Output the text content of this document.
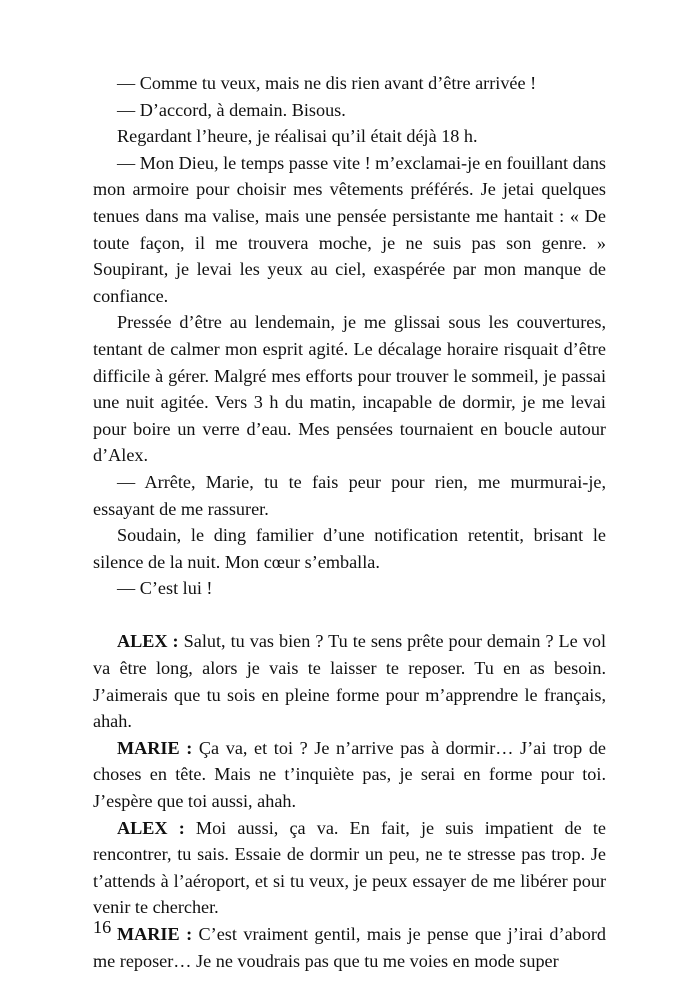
— Comme tu veux, mais ne dis rien avant d’être arrivée !

— D’accord, à demain. Bisous.

Regardant l’heure, je réalisai qu’il était déjà 18 h.

— Mon Dieu, le temps passe vite ! m’exclamai-je en fouillant dans mon armoire pour choisir mes vêtements préférés. Je jetai quelques tenues dans ma valise, mais une pensée persistante me hantait : « De toute façon, il me trouvera moche, je ne suis pas son genre. » Soupirant, je levai les yeux au ciel, exaspérée par mon manque de confiance.

Pressée d’être au lendemain, je me glissai sous les couvertures, tentant de calmer mon esprit agité. Le décalage horaire risquait d’être difficile à gérer. Malgré mes efforts pour trouver le sommeil, je passai une nuit agitée. Vers 3 h du matin, incapable de dormir, je me levai pour boire un verre d’eau. Mes pensées tournaient en boucle autour d’Alex.

— Arrête, Marie, tu te fais peur pour rien, me murmurai-je, essayant de me rassurer.

Soudain, le ding familier d’une notification retentit, brisant le silence de la nuit. Mon cœur s’emballa.

— C’est lui !

ALEX : Salut, tu vas bien ? Tu te sens prête pour demain ? Le vol va être long, alors je vais te laisser te reposer. Tu en as besoin. J’aimerais que tu sois en pleine forme pour m’apprendre le français, ahah.

MARIE : Ça va, et toi ? Je n’arrive pas à dormir… J’ai trop de choses en tête. Mais ne t’inquiète pas, je serai en forme pour toi. J’espère que toi aussi, ahah.

ALEX : Moi aussi, ça va. En fait, je suis impatient de te rencontrer, tu sais. Essaie de dormir un peu, ne te stresse pas trop. Je t’attends à l’aéroport, et si tu veux, je peux essayer de me libérer pour venir te chercher.

MARIE : C’est vraiment gentil, mais je pense que j’irai d’abord me reposer… Je ne voudrais pas que tu me voies en mode super

16
